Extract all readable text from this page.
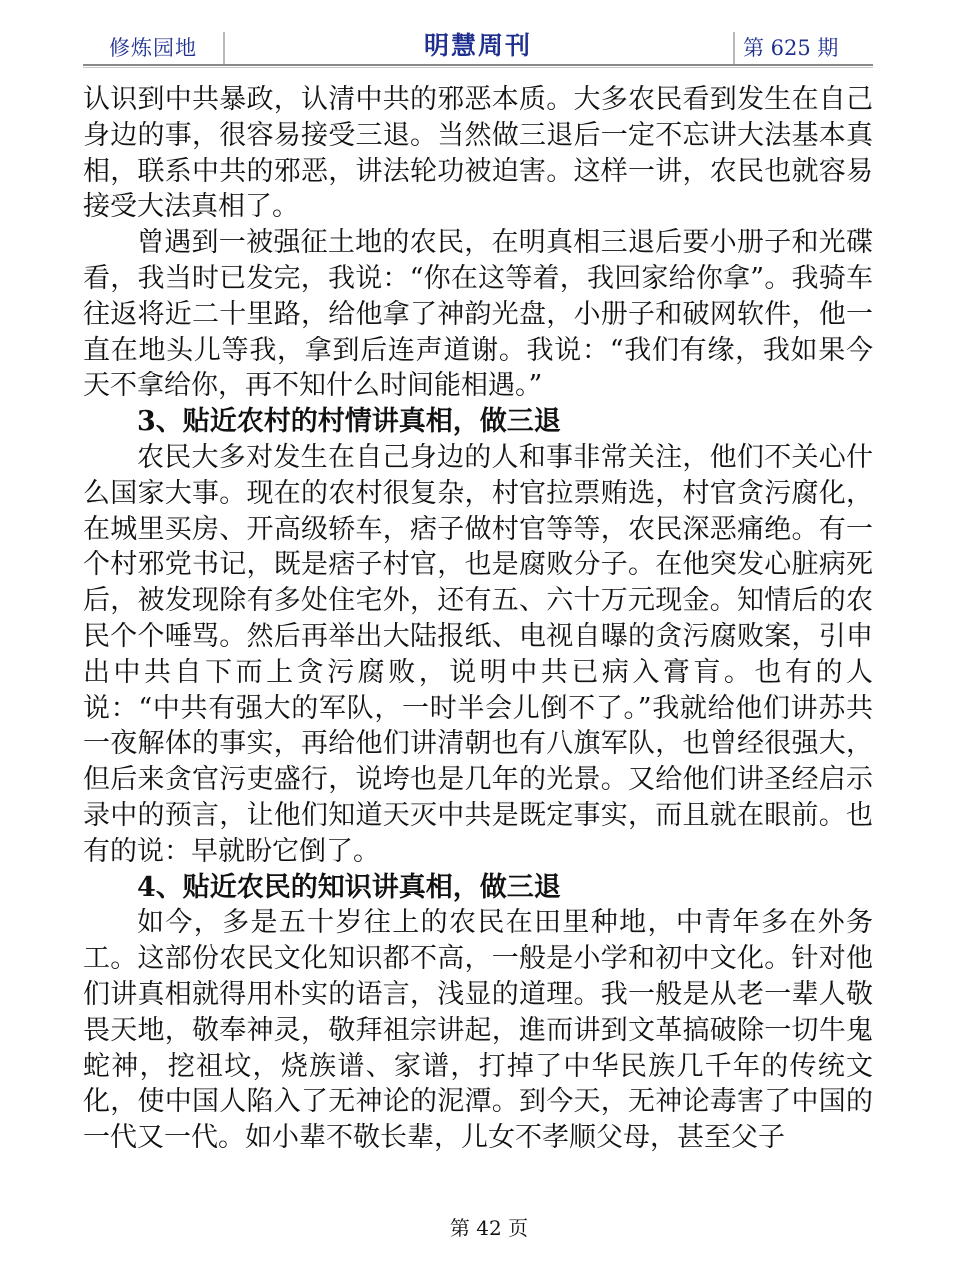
修炼园地	明慧周刊	第 625 期

认识到中共暴政，认清中共的邪恶本质。大多农民看到发生在自己身边的事，很容易接受三退。当然做三退后一定不忘讲大法基本真相，联系中共的邪恶，讲法轮功被迫害。这样一讲，农民也就容易接受大法真相了。

曾遇到一被强征土地的农民，在明真相三退后要小册子和光碟看，我当时已发完，我说：“你在这等着，我回家给你拿”。我骑车往返将近二十里路，给他拿了神韵光盘，小册子和破网软件，他一直在地头儿等我，拿到后连声道谢。我说：“我们有缘，我如果今天不拿给你，再不知什么时间能相遇。”

3、贴近农村的村情讲真相，做三退

农民大多对发生在自己身边的人和事非常关注，他们不关心什么国家大事。现在的农村很复杂，村官拉票贿选，村官贪污腐化，在城里买房、开高级轿车，痞子做村官等等，农民深恶痛绝。有一个村邪党书记，既是痞子村官，也是腐败分子。在他突发心脏病死后，被发现除有多处住宅外，还有五、六十万元现金。知情后的农民个个唾骂。然后再举出大陆报纸、电视自曝的贪污腐败案，引申出中共自下而上贪污腐败，说明中共已病入膏肓。也有的人说：“中共有强大的军队，一时半会儿倒不了。”我就给他们讲苏共一夜解体的事实，再给他们讲清朝也有八旗军队，也曾经很强大，但后来贪官污吏盛行，说垮也是几年的光景。又给他们讲圣经启示录中的预言，让他们知道天灭中共是既定事实，而且就在眼前。也有的说：早就盼它倒了。

4、贴近农民的知识讲真相，做三退

如今，多是五十岁往上的农民在田里种地，中青年多在外务工。这部份农民文化知识都不高，一般是小学和初中文化。针对他们讲真相就得用朴实的语言，浅显的道理。我一般是从老一辈人敬畏天地，敬奉神灵，敬拜祖宗讲起，進而讲到文革搞破除一切牛鬼蛇神，挖祖坟，烧族谱、家谱，打掉了中华民族几千年的传统文化，使中国人陷入了无神论的泥潭。到今天，无神论毒害了中国的一代又一代。如小辈不敬长辈，儿女不孝顺父母，甚至父子

第 42 页
